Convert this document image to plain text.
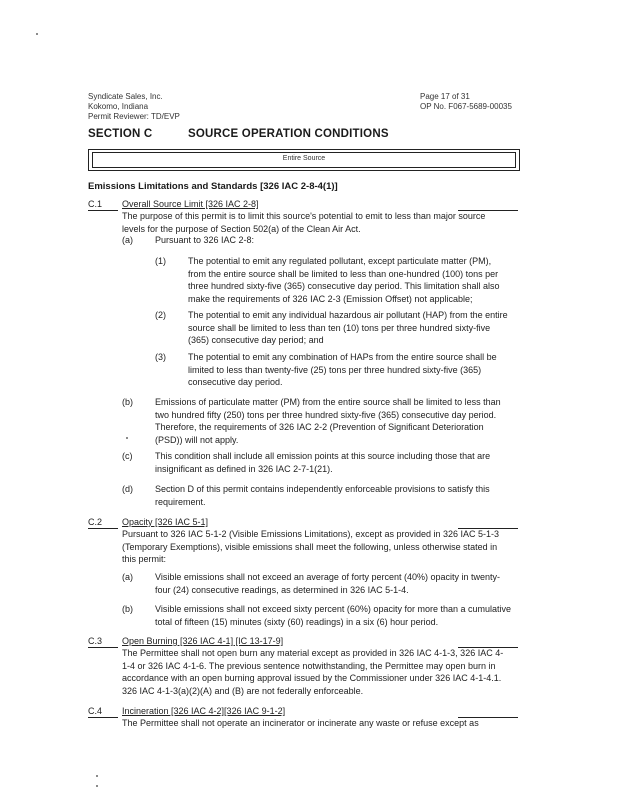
Syndicate Sales, Inc.
Kokomo, Indiana
Permit Reviewer: TD/EVP
Page 17 of 31
OP No. F067-5689-00035
SECTION C	SOURCE OPERATION CONDITIONS
Entire Source
Emissions Limitations and Standards [326 IAC 2-8-4(1)]
C.1 Overall Source Limit [326 IAC 2-8]
The purpose of this permit is to limit this source's potential to emit to less than major source
levels for the purpose of Section 502(a) of the Clean Air Act.
(a) Pursuant to 326 IAC 2-8:
(1) The potential to emit any regulated pollutant, except particulate matter (PM),
from the entire source shall be limited to less than one-hundred (100) tons per
three hundred sixty-five (365) consecutive day period. This limitation shall also
make the requirements of 326 IAC 2-3 (Emission Offset) not applicable;
(2) The potential to emit any individual hazardous air pollutant (HAP) from the entire
source shall be limited to less than ten (10) tons per three hundred sixty-five
(365) consecutive day period; and
(3) The potential to emit any combination of HAPs from the entire source shall be
limited to less than twenty-five (25) tons per three hundred sixty-five (365)
consecutive day period.
(b) Emissions of particulate matter (PM) from the entire source shall be limited to less than
two hundred fifty (250) tons per three hundred sixty-five (365) consecutive day period.
Therefore, the requirements of 326 IAC 2-2 (Prevention of Significant Deterioration
(PSD)) will not apply.
(c)	This condition shall include all emission points at this source including those that are
insignificant as defined in 326 IAC 2-7-1(21).
(d) Section D of this permit contains independently enforceable provisions to satisfy this
requirement.
C.2 Opacity [326 IAC 5-1]
Pursuant to 326 IAC 5-1-2 (Visible Emissions Limitations), except as provided in 326 IAC 5-1-3
(Temporary Exemptions), visible emissions shall meet the following, unless otherwise stated in
this permit:
(a) Visible emissions shall not exceed an average of forty percent (40%) opacity in twenty-
four (24) consecutive readings, as determined in 326 IAC 5-1-4.
(b) Visible emissions shall not exceed sixty percent (60%) opacity for more than a cumulative
total of fifteen (15) minutes (sixty (60) readings) in a six (6) hour period.
C.3 Open Burning [326 IAC 4-1] [IC 13-17-9]
The Permittee shall not open burn any material except as provided in 326 IAC 4-1-3, 326 IAC 4-
1-4 or 326 IAC 4-1-6. The previous sentence notwithstanding, the Permittee may open burn in
accordance with an open burning approval issued by the Commissioner under 326 IAC 4-1-4.1.
326 IAC 4-1-3(a)(2)(A) and (B) are not federally enforceable.
C.4 Incineration [326 IAC 4-2][326 IAC 9-1-2]
The Permittee shall not operate an incinerator or incinerate any waste or refuse except as
